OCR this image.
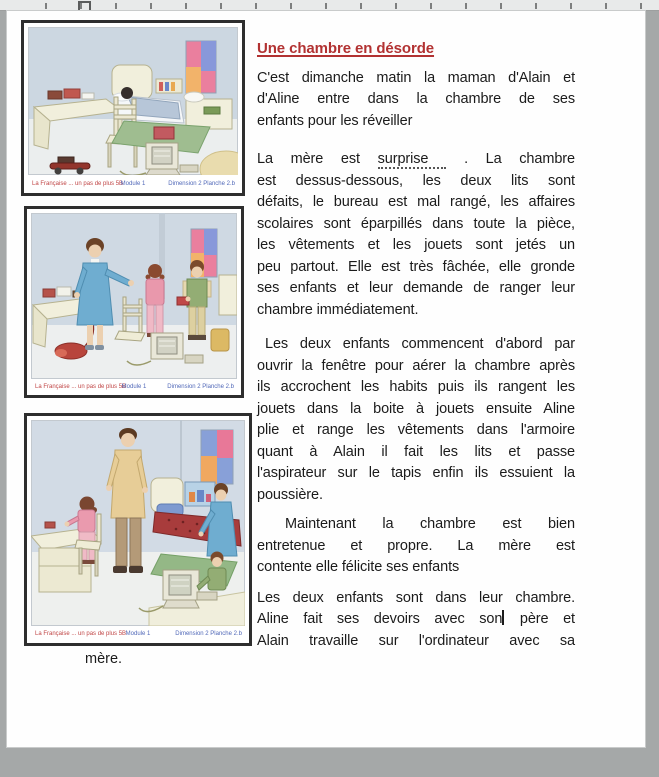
La Française ... un pas de plus 5B
Module 1	Dimension 2 Planche 2.b
La Française ... un pas de plus 5B
Module 1	Dimension 2 Planche 2.b
La Française ... un pas de plus 5B Module 1	Dimension 2 Planche 2.b
Une chambre en désorde
C'est dimanche matin la maman d'Alain et
d'Aline entre dans la chambre de ses
enfants pour les réveiller
La mère est surprise . La chambre
est dessus-dessous, les deux lits sont
défaits, le bureau est mal rangé, les affaires
scolaires sont éparpillés dans toute la pièce,
les vêtements et les jouets sont jetés un
peu partout. Elle est très fâchée, elle gronde
ses enfants et leur demande de ranger leur
chambre immédiatement.
Les deux enfants commencent d'abord par
ouvrir la fenêtre pour aérer la chambre après
ils accrochent les habits puis ils rangent les
jouets dans la boite à jouets ensuite Aline
plie et range les vêtements dans l'armoire
quant à Alain il fait les lits et passe
l'aspirateur sur le tapis enfin ils essuient la
poussière.
Maintenant la chambre est bien
entretenue et propre. La mère est
contente elle félicite ses enfants
Les deux enfants sont dans leur chambre.
Aline fait ses devoirs avec son père et
Alain travaille sur l'ordinateur avec sa
mère.
